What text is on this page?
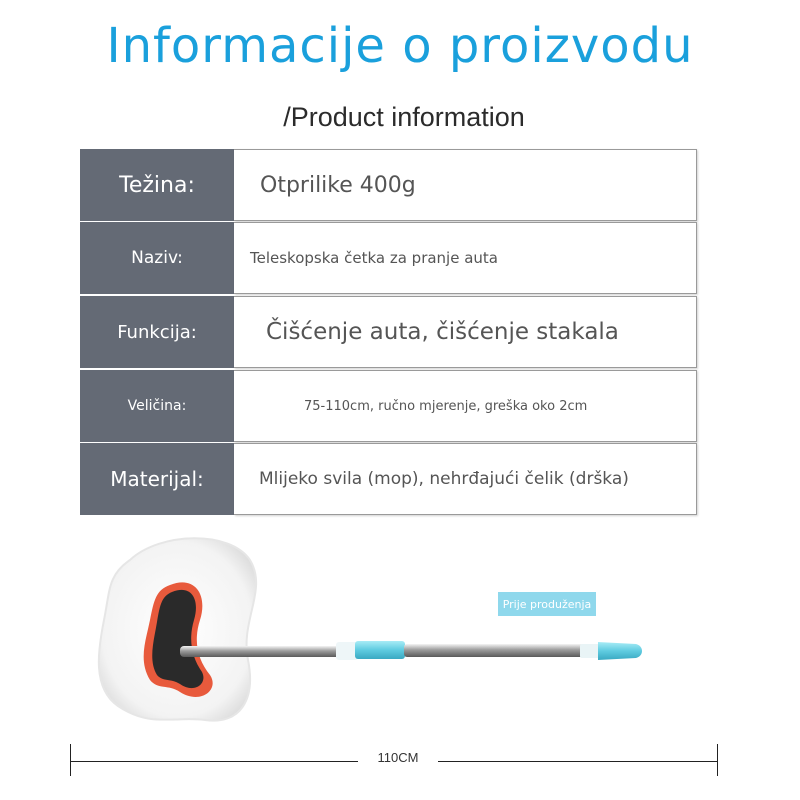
Informacije o proizvodu
/Product information
Težina:	Otprilike 400g
Naziv:	Teleskopska četka za pranje auta
Funkcija:	Čišćenje auta, čišćenje stakala
Veličina:	75-110cm, ručno mjerenje, greška oko 2cm
Materijal:	Mlijeko svila (mop), nehrđajući čelik (drška)
Prije produženja
110CM
